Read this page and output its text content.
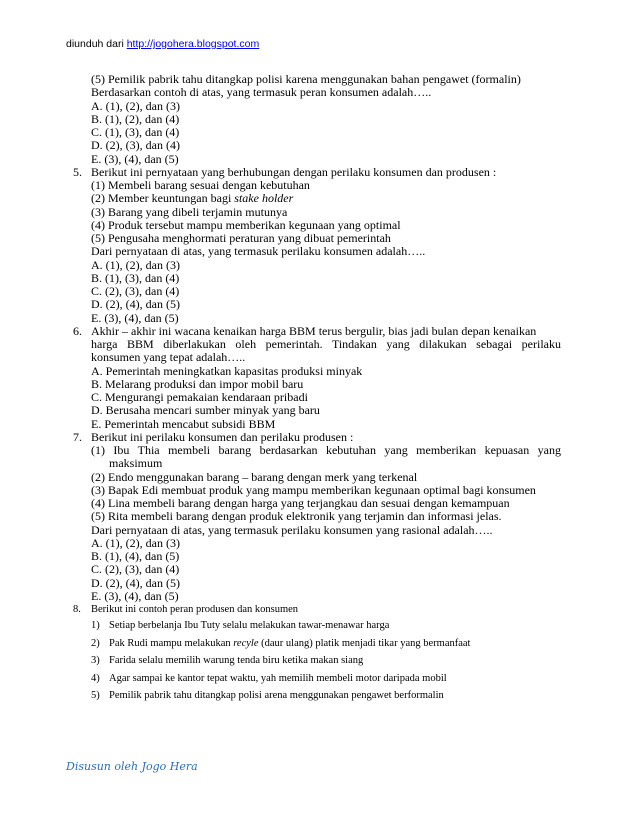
diunduh dari http://jogohera.blogspot.com
(5) Pemilik pabrik tahu ditangkap polisi karena menggunakan bahan pengawet (formalin)
Berdasarkan contoh di atas, yang termasuk peran konsumen adalah…..
A. (1), (2), dan (3)
B. (1), (2), dan (4)
C. (1), (3), dan (4)
D. (2), (3), dan (4)
E. (3), (4), dan (5)
5. Berikut ini pernyataan yang berhubungan dengan perilaku konsumen dan produsen :
(1) Membeli barang sesuai dengan kebutuhan
(2) Member keuntungan bagi stake holder
(3) Barang yang dibeli terjamin mutunya
(4) Produk tersebut mampu memberikan kegunaan yang optimal
(5) Pengusaha menghormati peraturan yang dibuat pemerintah
Dari pernyataan di atas, yang termasuk perilaku konsumen adalah…..
A. (1), (2), dan (3)
B. (1), (3), dan (4)
C. (2), (3), dan (4)
D. (2), (4), dan (5)
E. (3), (4), dan (5)
6. Akhir – akhir ini wacana kenaikan harga BBM terus bergulir, bias jadi bulan depan kenaikan
harga BBM diberlakukan oleh pemerintah. Tindakan yang dilakukan sebagai perilaku
konsumen yang tepat adalah…..
A. Pemerintah meningkatkan kapasitas produksi minyak
B. Melarang produksi dan impor mobil baru
C. Mengurangi pemakaian kendaraan pribadi
D. Berusaha mencari sumber minyak yang baru
E. Pemerintah mencabut subsidi BBM
7. Berikut ini perilaku konsumen dan perilaku produsen :
(1) Ibu Thia membeli barang berdasarkan kebutuhan yang memberikan kepuasan yang
maksimum
(2) Endo menggunakan barang – barang dengan merk yang terkenal
(3) Bapak Edi membuat produk yang mampu memberikan kegunaan optimal bagi konsumen
(4) Lina membeli barang dengan harga yang terjangkau dan sesuai dengan kemampuan
(5) Rita membeli barang dengan produk elektronik yang terjamin dan informasi jelas.
Dari pernyataan di atas, yang termasuk perilaku konsumen yang rasional adalah…..
A. (1), (2), dan (3)
B. (1), (4), dan (5)
C. (2), (3), dan (4)
D. (2), (4), dan (5)
E. (3), (4), dan (5)
8. Berikut ini contoh peran produsen dan konsumen
1) Setiap berbelanja Ibu Tuty selalu melakukan tawar-menawar harga
2) Pak Rudi mampu melakukan recyle (daur ulang) platik menjadi tikar yang bermanfaat
3) Farida selalu memilih warung tenda biru ketika makan siang
4) Agar sampai ke kantor tepat waktu, yah memilih membeli motor daripada mobil
5) Pemilik pabrik tahu ditangkap polisi arena menggunakan pengawet berformalin
Disusun oleh Jogo Hera
